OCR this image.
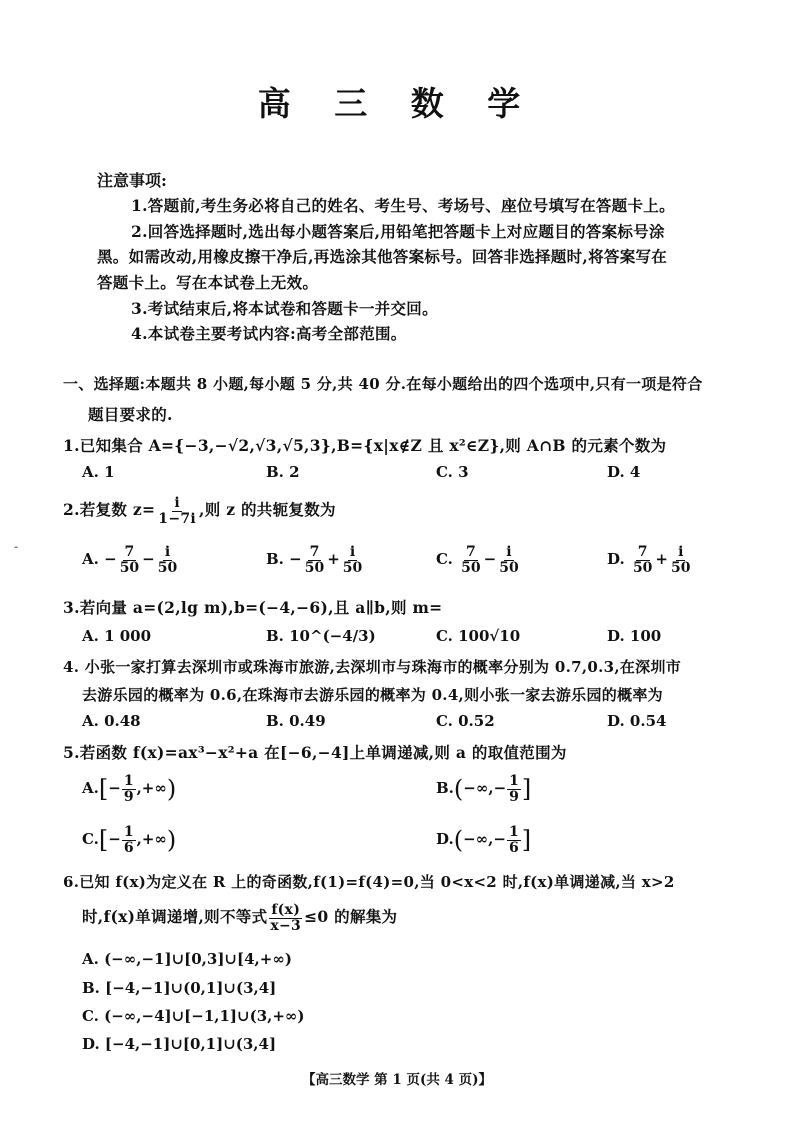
高 三 数 学
注意事项:
1.答题前,考生务必将自己的姓名、考生号、考场号、座位号填写在答题卡上。
2.回答选择题时,选出每小题答案后,用铅笔把答题卡上对应题目的答案标号涂
黑。如需改动,用橡皮擦干净后,再选涂其他答案标号。回答非选择题时,将答案写在
答题卡上。写在本试卷上无效。
3.考试结束后,将本试卷和答题卡一并交回。
4.本试卷主要考试内容:高考全部范围。
一、选择题:本题共 8 小题,每小题 5 分,共 40 分.在每小题给出的四个选项中,只有一项是符合
题目要求的.
1.已知集合 A={−3,−√2,√3,√5,3},B={x|x∉Z 且 x²∈Z},则 A∩B 的元素个数为
A. 1	B. 2	C. 3	D. 4
2.若复数 $z= \frac{i}{1-7i}$ ,则 z 的共轭复数为
A. − $\frac{7}{50} - \frac{i}{50}$	B. − $\frac{7}{50} + \frac{i}{50}$	C. $\frac{7}{50} - \frac{i}{50}$	D. $\frac{7}{50} + \frac{i}{50}$
-
3.若向量 a=(2,lg m),b=(−4,−6),且 a∥b,则 m=
A. 1 000	B. 10^(−4/3)	C. 100√10	D. 100
4. 小张一家打算去深圳市或珠海市旅游,去深圳市与珠海市的概率分别为 0.7,0.3,在深圳市
去游乐园的概率为 0.6,在珠海市去游乐园的概率为 0.4,则小张一家去游乐园的概率为
A. 0.48	B. 0.49	C. 0.52	D. 0.54
5.若函数 f(x)=ax³−x²+a 在[−6,−4]上单调递减,则 a 的取值范围为
$A.[- \frac{1}{9}$ ,+∞)	$B.(-\infty,- \frac{1}{9}$ ]
$C.[- \frac{1}{6}$ ,+∞)	$D.(-\infty,- \frac{1}{6}$ ]
6.已知 f(x)为定义在 R 上的奇函数,f(1)=f(4)=0,当 0<x<2 时,f(x)单调递减,当 x>2
时,f(x)单调递增,则不等式 $\frac{f(x)}{x-3} \le 0$ 的解集为
A. (−∞,−1]∪[0,3]∪[4,+∞)
B. [−4,−1]∪(0,1]∪(3,4]
C. (−∞,−4]∪[−1,1]∪(3,+∞)
D. [−4,−1]∪[0,1]∪(3,4]
【高三数学 第 1 页(共 4 页)】
